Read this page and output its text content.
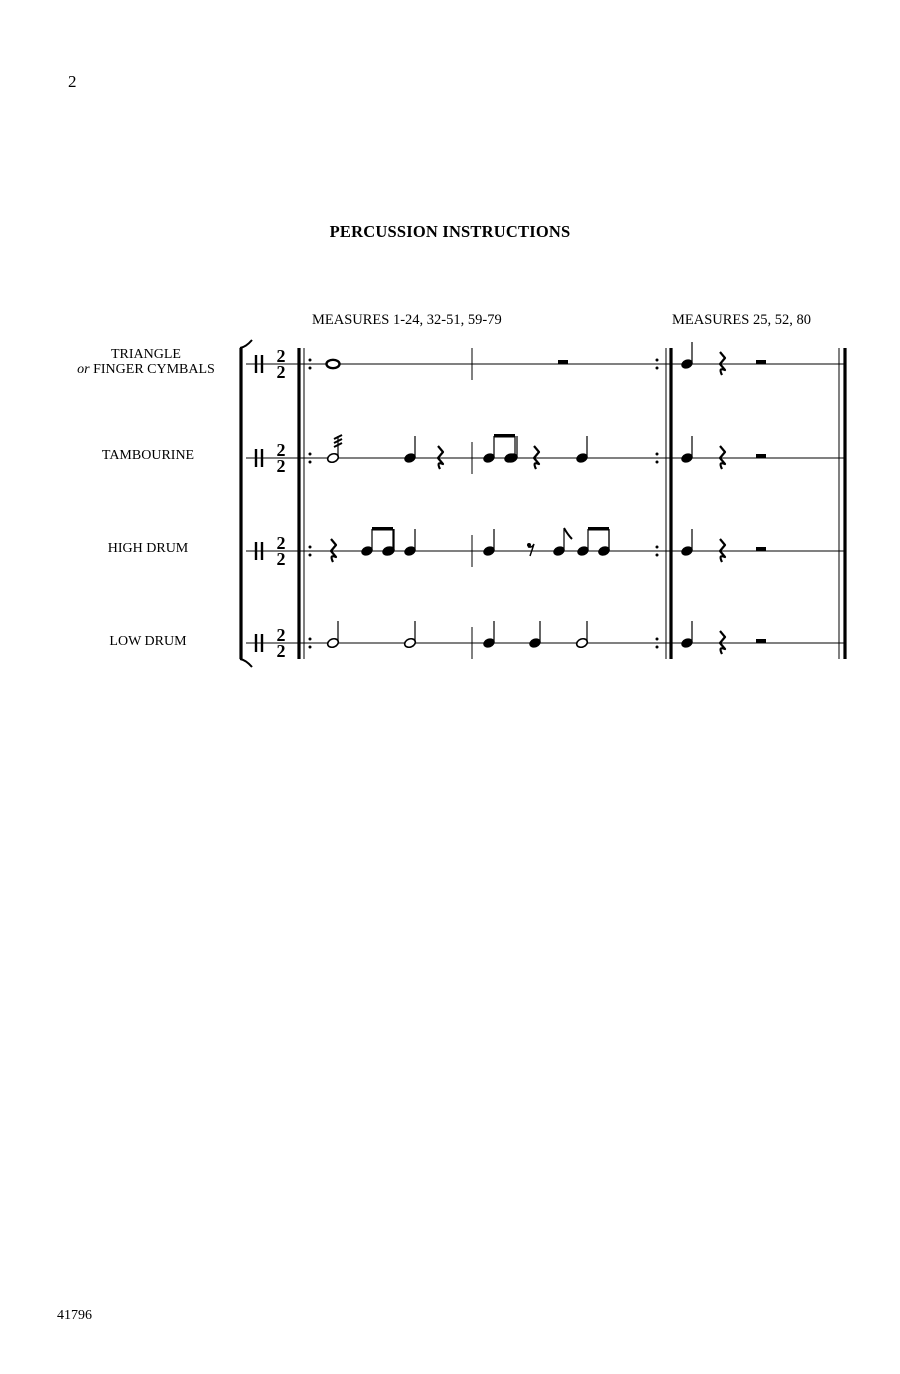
2
PERCUSSION INSTRUCTIONS
MEASURES 1-24, 32-51, 59-79	MEASURES 25, 52, 80
TRIANGLE
or FINGER CYMBALS
TAMBOURINE
HIGH DRUM
LOW DRUM
2
2
2
2
2
2
2
2
41796
